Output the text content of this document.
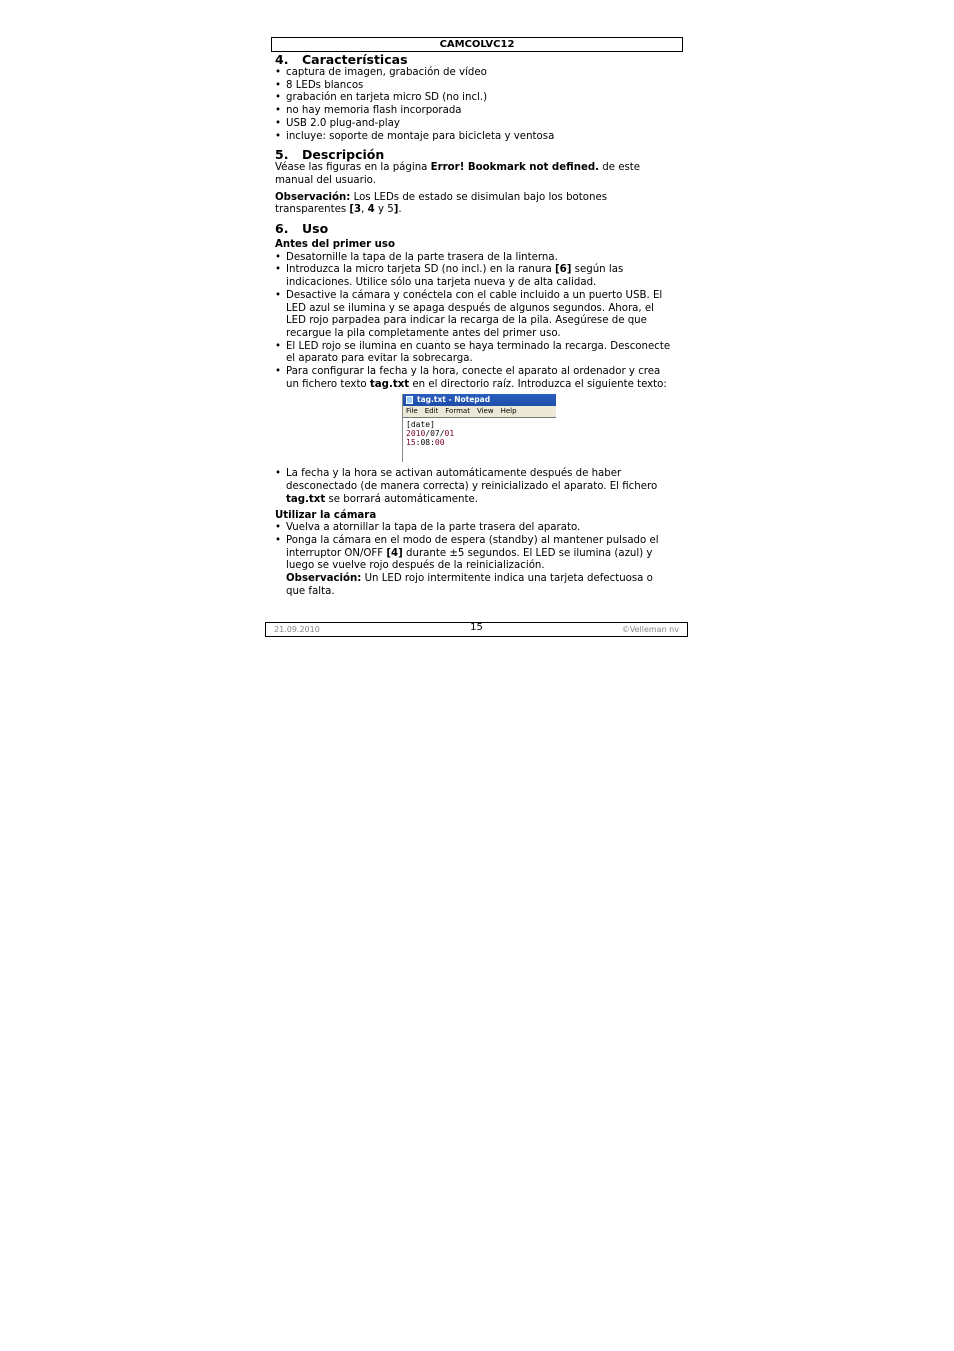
CAMCOLVC12
4. Características
• captura de imagen, grabación de vídeo
• 8 LEDs blancos
• grabación en tarjeta micro SD (no incl.)
• no hay memoria flash incorporada
• USB 2.0 plug-and-play
• incluye: soporte de montaje para bicicleta y ventosa
5. Descripción

Véase las figuras en la página Error! Bookmark not defined. de este manual del usuario.

Observación: Los LEDs de estado se disimulan bajo los botones transparentes [3, 4 y 5].

6. Uso

Antes del primer uso

• Desatornille la tapa de la parte trasera de la linterna.
• Introduzca la micro tarjeta SD (no incl.) en la ranura [6] según las indicaciones. Utilice sólo una tarjeta nueva y de alta calidad.
• Desactive la cámara y conéctela con el cable incluido a un puerto USB. El LED azul se ilumina y se apaga después de algunos segundos. Ahora, el LED rojo parpadea para indicar la recarga de la pila. Asegúrese de que recargue la pila completamente antes del primer uso.
• El LED rojo se ilumina en cuanto se haya terminado la recarga. Desconecte el aparato para evitar la sobrecarga.
• Para configurar la fecha y la hora, conecte el aparato al ordenador y crea un fichero texto tag.txt en el directorio raíz. Introduzca el siguiente texto:
tag.txt - Notepad
File Edit Format View Help
[date]
2010/07/01
15:08:00
• La fecha y la hora se activan automáticamente después de haber desconectado (de manera correcta) y reinicializado el aparato. El fichero tag.txt se borrará automáticamente.

Utilizar la cámara

• Vuelva a atornillar la tapa de la parte trasera del aparato.
• Ponga la cámara en el modo de espera (standby) al mantener pulsado el interruptor ON/OFF [4] durante ±5 segundos. El LED se ilumina (azul) y luego se vuelve rojo después de la reinicialización.
Observación: Un LED rojo intermitente indica una tarjeta defectuosa o que falta.
21.09.2010	15	©Velleman nv
